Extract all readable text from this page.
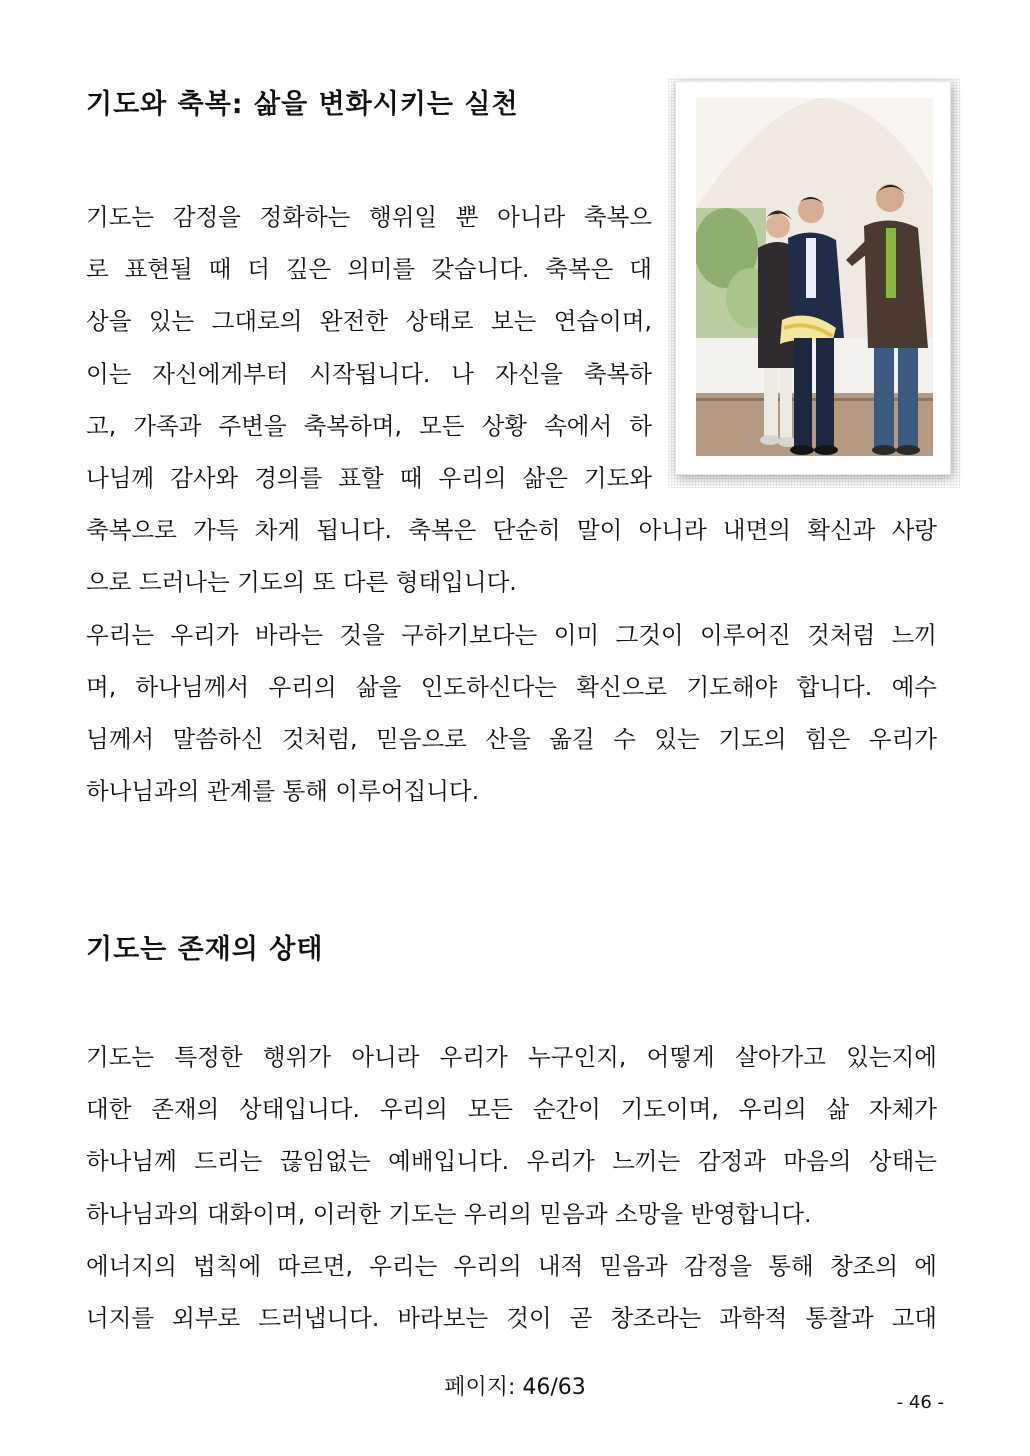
기도와 축복: 삶을 변화시키는 실천
기도는 감정을 정화하는 행위일 뿐 아니라 축복으
로 표현될 때 더 깊은 의미를 갖습니다. 축복은 대
상을 있는 그대로의 완전한 상태로 보는 연습이며,
이는 자신에게부터 시작됩니다. 나 자신을 축복하
고, 가족과 주변을 축복하며, 모든 상황 속에서 하
나님께 감사와 경의를 표할 때 우리의 삶은 기도와
축복으로 가득 차게 됩니다. 축복은 단순히 말이 아니라 내면의 확신과 사랑
으로 드러나는 기도의 또 다른 형태입니다.
우리는 우리가 바라는 것을 구하기보다는 이미 그것이 이루어진 것처럼 느끼
며, 하나님께서 우리의 삶을 인도하신다는 확신으로 기도해야 합니다. 예수
님께서 말씀하신 것처럼, 믿음으로 산을 옮길 수 있는 기도의 힘은 우리가
하나님과의 관계를 통해 이루어집니다.
기도는 존재의 상태
기도는 특정한 행위가 아니라 우리가 누구인지, 어떻게 살아가고 있는지에
대한 존재의 상태입니다. 우리의 모든 순간이 기도이며, 우리의 삶 자체가
하나님께 드리는 끊임없는 예배입니다. 우리가 느끼는 감정과 마음의 상태는
하나님과의 대화이며, 이러한 기도는 우리의 믿음과 소망을 반영합니다.
에너지의 법칙에 따르면, 우리는 우리의 내적 믿음과 감정을 통해 창조의 에
너지를 외부로 드러냅니다. 바라보는 것이 곧 창조라는 과학적 통찰과 고대
페이지: 46/63
- 46 -
